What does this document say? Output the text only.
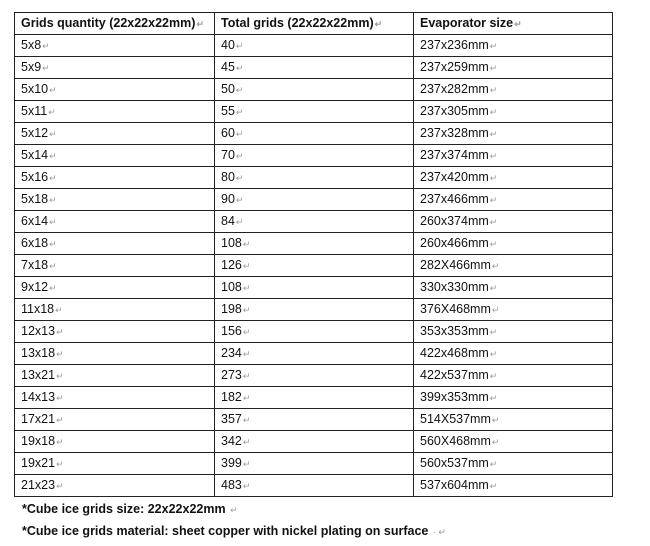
Grids quantity (22x22x22mm)↵	Total grids (22x22x22mm)↵	Evaporator size↵
5x8↵	40↵	237x236mm↵
5x9↵	45↵	237x259mm↵
5x10↵	50↵	237x282mm↵
5x11↵	55↵	237x305mm↵
5x12↵	60↵	237x328mm↵
5x14↵	70↵	237x374mm↵
5x16↵	80↵	237x420mm↵
5x18↵	90↵	237x466mm↵
6x14↵	84↵	260x374mm↵
6x18↵	108↵	260x466mm↵
7x18↵	126↵	282X466mm↵
9x12↵	108↵	330x330mm↵
11x18↵	198↵	376X468mm↵
12x13↵	156↵	353x353mm↵
13x18↵	234↵	422x468mm↵
13x21↵	273↵	422x537mm↵
14x13↵	182↵	399x353mm↵
17x21↵	357↵	514X537mm↵
19x18↵	342↵	560X468mm↵
19x21↵	399↵	560x537mm↵
21x23↵	483↵	537x604mm↵
*Cube ice grids size: 22x22x22mm ↵
*Cube ice grids material: sheet copper with nickel plating on surface · ↵
